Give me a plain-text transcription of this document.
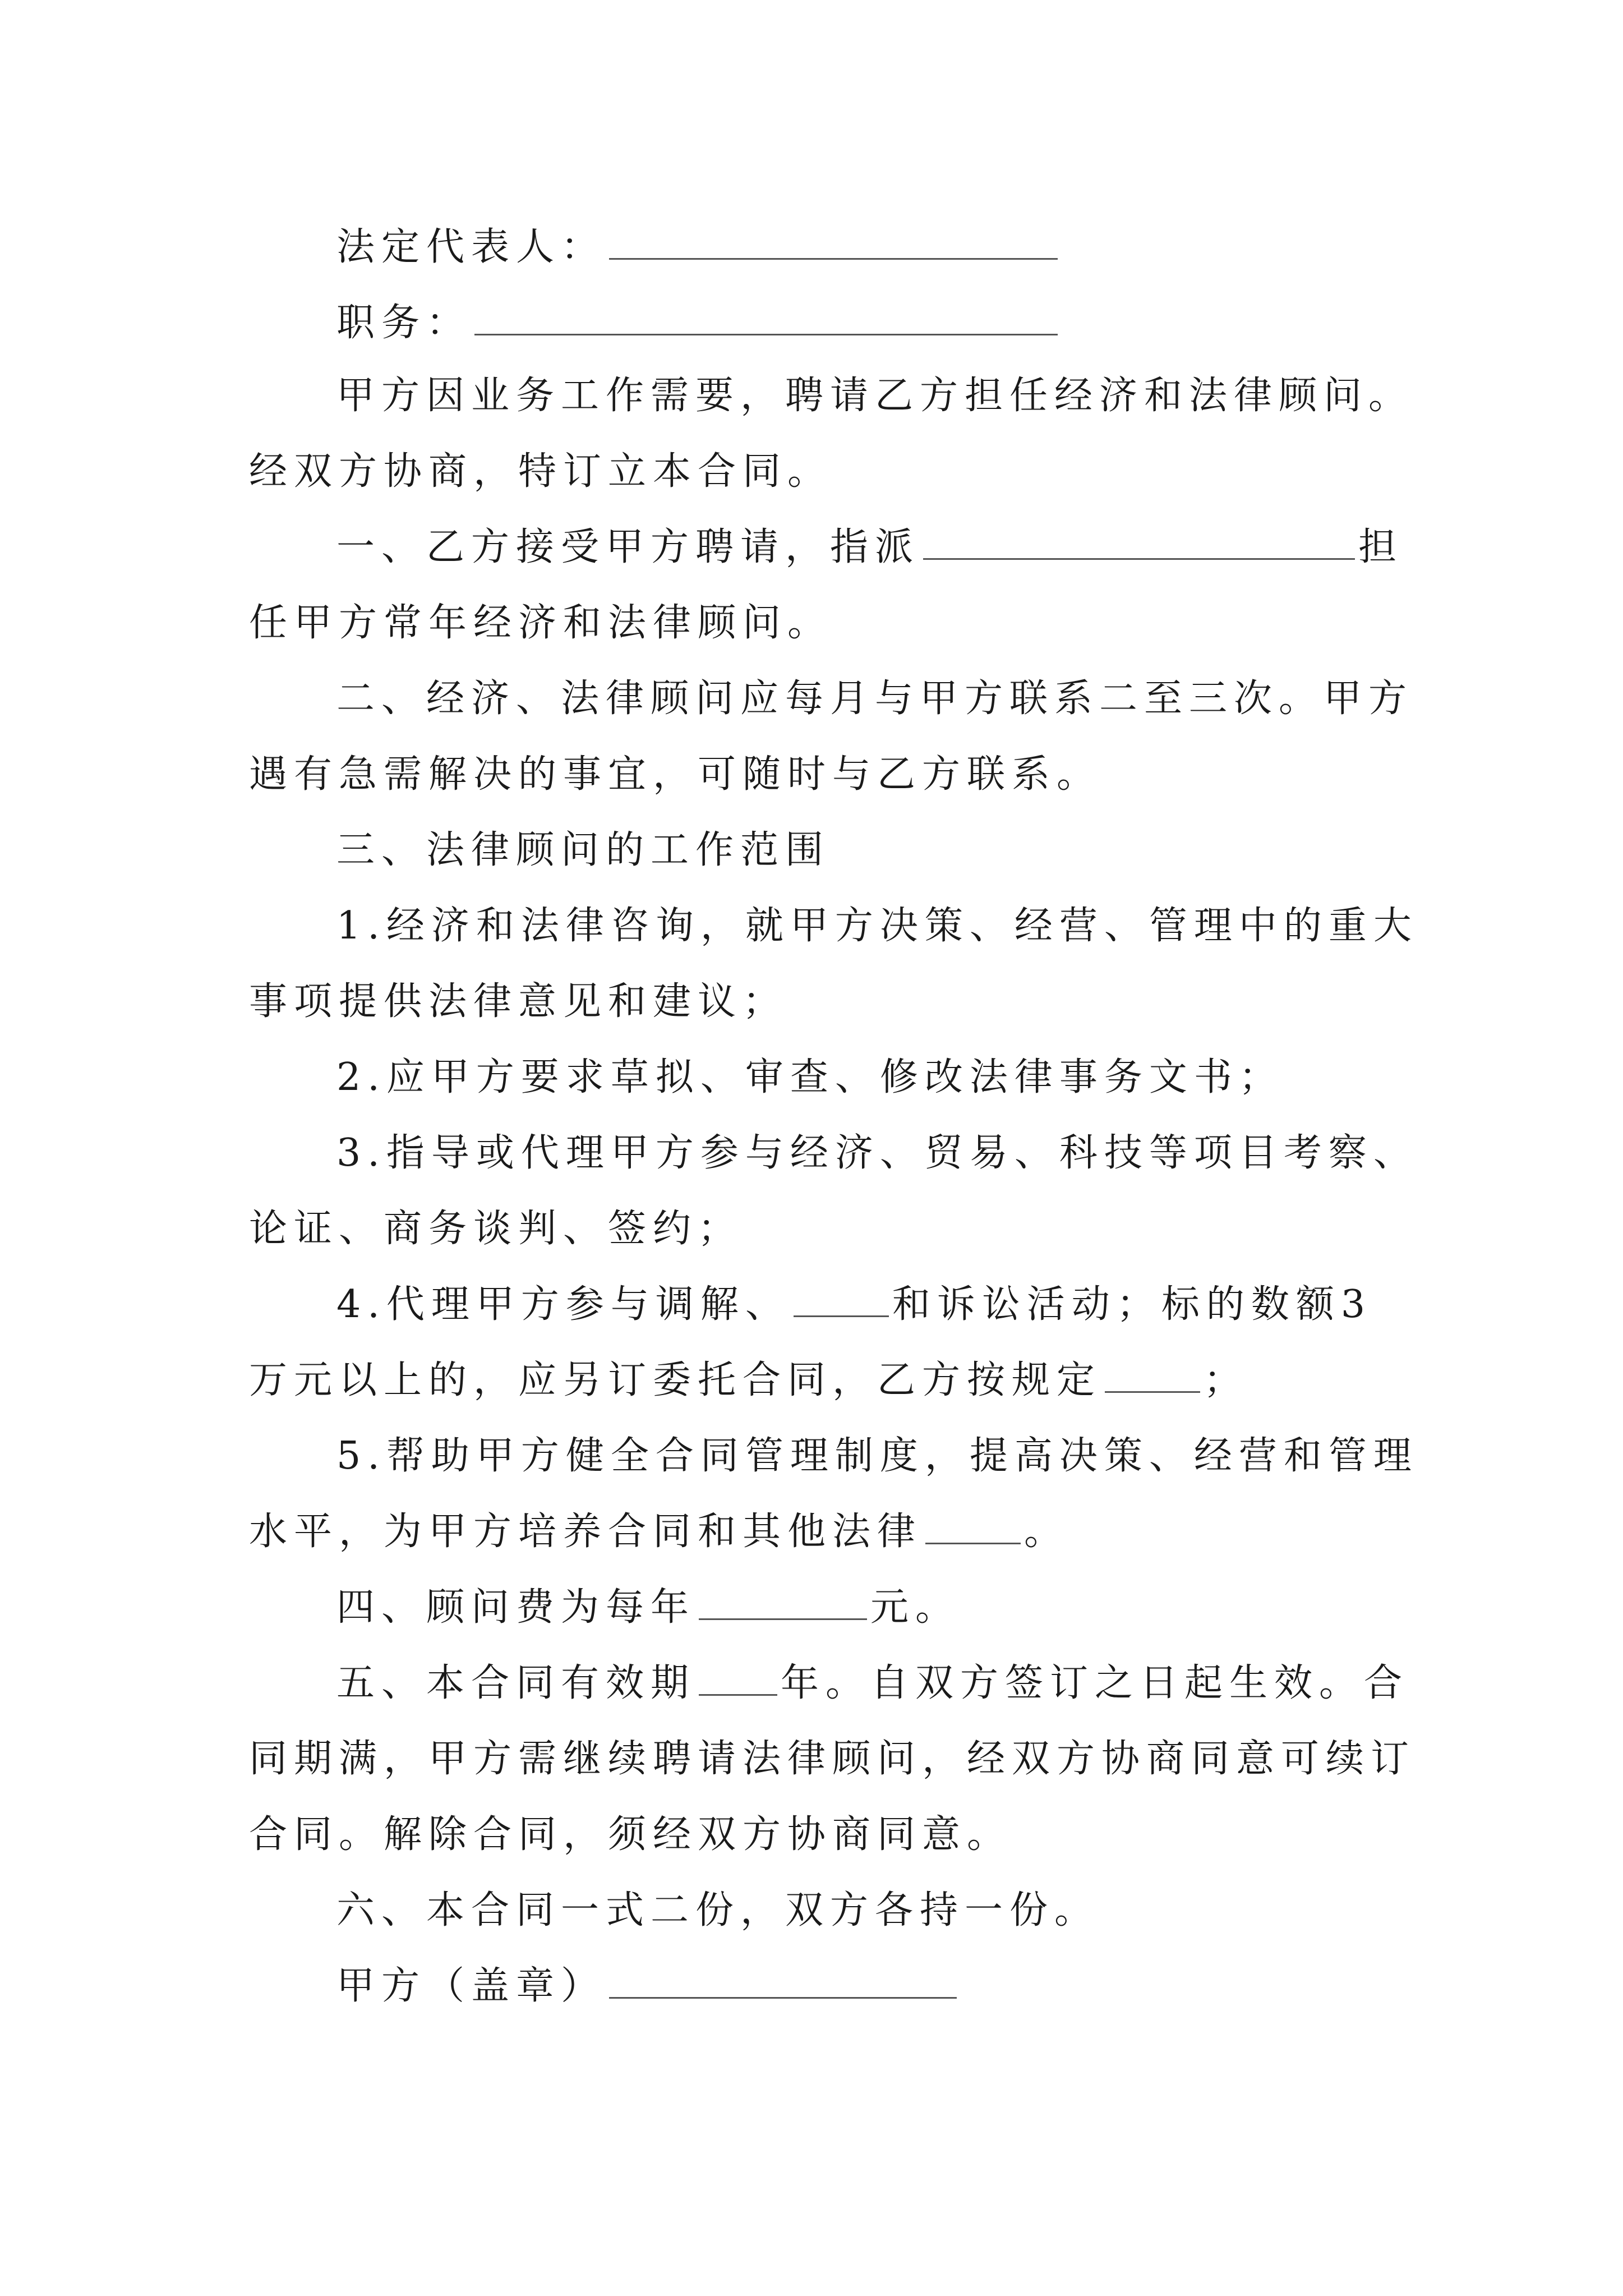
法定代表人：
职务：
甲方因业务工作需要，聘请乙方担任经济和法律顾问。
经双方协商，特订立本合同。
一、乙方接受甲方聘请，指派	担
任甲方常年经济和法律顾问。
二、经济、法律顾问应每月与甲方联系二至三次。甲方
遇有急需解决的事宜，可随时与乙方联系。
三、法律顾问的工作范围
1.经济和法律咨询，就甲方决策、经营、管理中的重大
事项提供法律意见和建议；
2.应甲方要求草拟、审查、修改法律事务文书；
3.指导或代理甲方参与经济、贸易、科技等项目考察、
论证、商务谈判、签约；
4.代理甲方参与调解、	和诉讼活动；标的数额3
万元以上的，应另订委托合同，乙方按规定	；
5.帮助甲方健全合同管理制度，提高决策、经营和管理
水平，为甲方培养合同和其他法律	。
四、顾问费为每年	元。
五、本合同有效期 年。自双方签订之日起生效。合
同期满，甲方需继续聘请法律顾问，经双方协商同意可续订
合同。解除合同，须经双方协商同意。
六、本合同一式二份，双方各持一份。
甲方（盖章）
